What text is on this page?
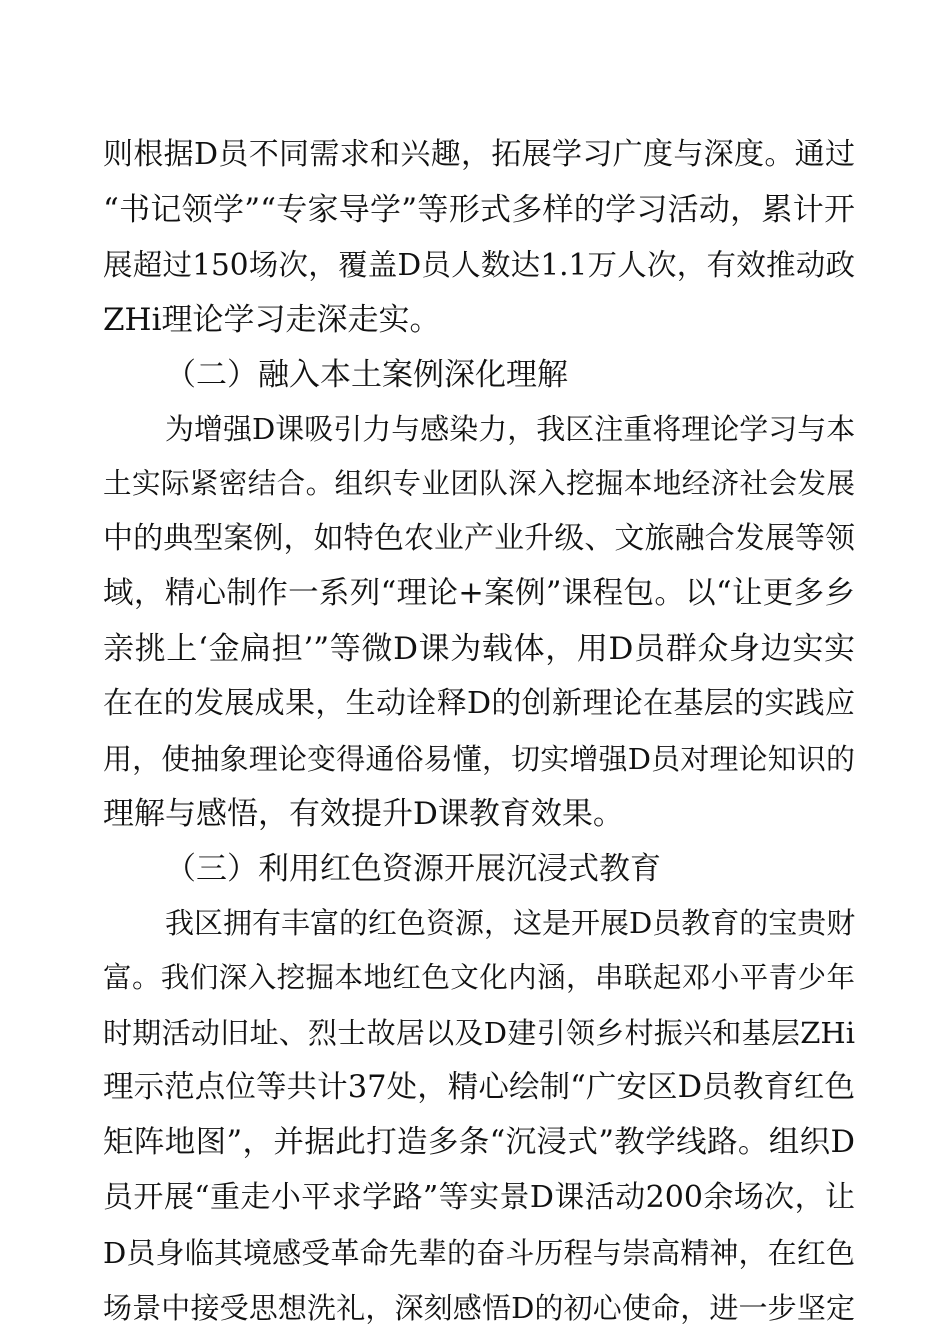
则根据D员不同需求和兴趣，拓展学习广度与深度。通过
“书记领学”“专家导学”等形式多样的学习活动，累计开
展超过150场次，覆盖D员人数达1.1万人次，有效推动政
ZHi理论学习走深走实。
（二）融入本土案例深化理解
为增强D课吸引力与感染力，我区注重将理论学习与本
土实际紧密结合。组织专业团队深入挖掘本地经济社会发展
中的典型案例，如特色农业产业升级、文旅融合发展等领
域，精心制作一系列“理论+案例”课程包。以“让更多乡
亲挑上‘金扁担’”等微D课为载体，用D员群众身边实实
在在的发展成果，生动诠释D的创新理论在基层的实践应
用，使抽象理论变得通俗易懂，切实增强D员对理论知识的
理解与感悟，有效提升D课教育效果。
（三）利用红色资源开展沉浸式教育
我区拥有丰富的红色资源，这是开展D员教育的宝贵财
富。我们深入挖掘本地红色文化内涵，串联起邓小平青少年
时期活动旧址、烈士故居以及D建引领乡村振兴和基层ZHi
理示范点位等共计37处，精心绘制“广安区D员教育红色
矩阵地图”，并据此打造多条“沉浸式”教学线路。组织D
员开展“重走小平求学路”等实景D课活动200余场次，让
D员身临其境感受革命先辈的奋斗历程与崇高精神，在红色
场景中接受思想洗礼，深刻感悟D的初心使命，进一步坚定
